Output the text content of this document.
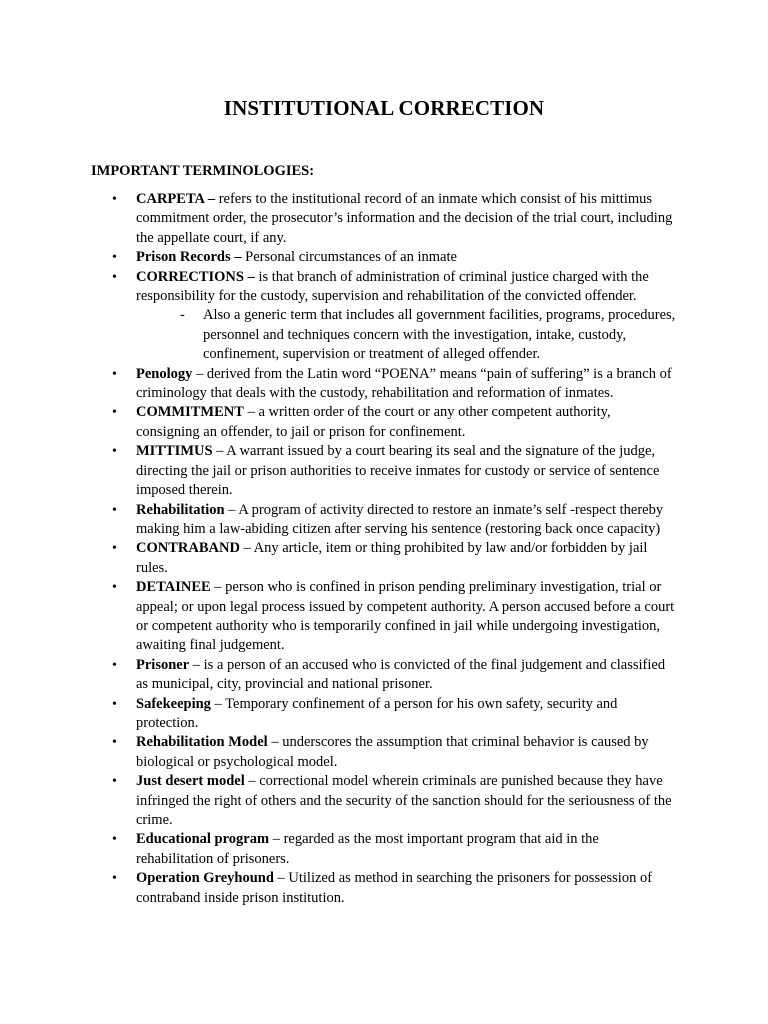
INSTITUTIONAL CORRECTION
IMPORTANT TERMINOLOGIES:
• CARPETA – refers to the institutional record of an inmate which consist of his mittimus commitment order, the prosecutor’s information and the decision of the trial court, including the appellate court, if any.
• Prison Records – Personal circumstances of an inmate
• CORRECTIONS – is that branch of administration of criminal justice charged with the responsibility for the custody, supervision and rehabilitation of the convicted offender.
- Also a generic term that includes all government facilities, programs, procedures, personnel and techniques concern with the investigation, intake, custody, confinement, supervision or treatment of alleged offender.
• Penology – derived from the Latin word “POENA” means “pain of suffering” is a branch of criminology that deals with the custody, rehabilitation and reformation of inmates.
• COMMITMENT – a written order of the court or any other competent authority, consigning an offender, to jail or prison for confinement.
• MITTIMUS – A warrant issued by a court bearing its seal and the signature of the judge, directing the jail or prison authorities to receive inmates for custody or service of sentence imposed therein.
• Rehabilitation – A program of activity directed to restore an inmate’s self -respect thereby making him a law-abiding citizen after serving his sentence (restoring back once capacity)
• CONTRABAND – Any article, item or thing prohibited by law and/or forbidden by jail rules.
• DETAINEE – person who is confined in prison pending preliminary investigation, trial or appeal; or upon legal process issued by competent authority. A person accused before a court or competent authority who is temporarily confined in jail while undergoing investigation, awaiting final judgement.
• Prisoner – is a person of an accused who is convicted of the final judgement and classified as municipal, city, provincial and national prisoner.
• Safekeeping – Temporary confinement of a person for his own safety, security and protection.
• Rehabilitation Model – underscores the assumption that criminal behavior is caused by biological or psychological model.
• Just desert model – correctional model wherein criminals are punished because they have infringed the right of others and the security of the sanction should for the seriousness of the crime.
• Educational program – regarded as the most important program that aid in the rehabilitation of prisoners.
• Operation Greyhound – Utilized as method in searching the prisoners for possession of contraband inside prison institution.
